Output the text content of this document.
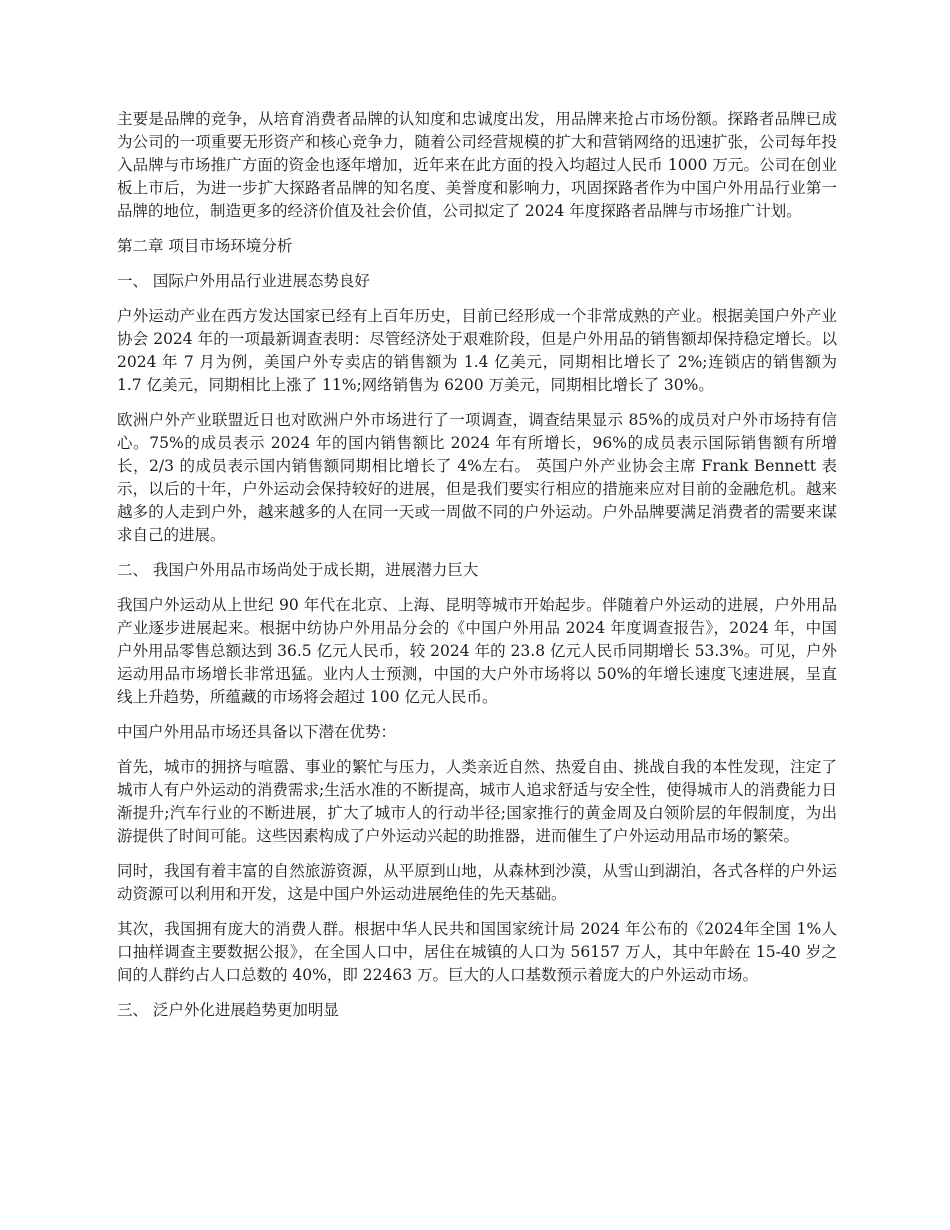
主要是品牌的竞争，从培育消费者品牌的认知度和忠诚度出发，用品牌来抢占市场份额。探路者品牌已成为公司的一项重要无形资产和核心竞争力，随着公司经营规模的扩大和营销网络的迅速扩张，公司每年投入品牌与市场推广方面的资金也逐年增加，近年来在此方面的投入均超过人民币 1000 万元。公司在创业板上市后，为进一步扩大探路者品牌的知名度、美誉度和影响力，巩固探路者作为中国户外用品行业第一品牌的地位，制造更多的经济价值及社会价值，公司拟定了 2024 年度探路者品牌与市场推广计划。

第二章 项目市场环境分析

一、 国际户外用品行业进展态势良好

户外运动产业在西方发达国家已经有上百年历史，目前已经形成一个非常成熟的产业。根据美国户外产业协会 2024 年的一项最新调查表明：尽管经济处于艰难阶段，但是户外用品的销售额却保持稳定增长。以 2024 年 7 月为例，美国户外专卖店的销售额为 1.4 亿美元，同期相比增长了 2%;连锁店的销售额为 1.7 亿美元，同期相比上涨了 11%;网络销售为 6200 万美元，同期相比增长了 30%。

欧洲户外产业联盟近日也对欧洲户外市场进行了一项调查，调查结果显示 85%的成员对户外市场持有信心。75%的成员表示 2024 年的国内销售额比 2024 年有所增长，96%的成员表示国际销售额有所增长，2/3 的成员表示国内销售额同期相比增长了 4%左右。 英国户外产业协会主席 Frank Bennett 表示，以后的十年，户外运动会保持较好的进展，但是我们要实行相应的措施来应对目前的金融危机。越来越多的人走到户外，越来越多的人在同一天或一周做不同的户外运动。户外品牌要满足消费者的需要来谋求自己的进展。

二、 我国户外用品市场尚处于成长期，进展潜力巨大

我国户外运动从上世纪 90 年代在北京、上海、昆明等城市开始起步。伴随着户外运动的进展，户外用品产业逐步进展起来。根据中纺协户外用品分会的《中国户外用品 2024 年度调查报告》，2024 年，中国户外用品零售总额达到 36.5 亿元人民币，较 2024 年的 23.8 亿元人民币同期增长 53.3%。可见，户外运动用品市场增长非常迅猛。业内人士预测，中国的大户外市场将以 50%的年增长速度飞速进展，呈直线上升趋势，所蕴藏的市场将会超过 100 亿元人民币。

中国户外用品市场还具备以下潜在优势：

首先，城市的拥挤与喧嚣、事业的繁忙与压力，人类亲近自然、热爱自由、挑战自我的本性发现，注定了城市人有户外运动的消费需求;生活水准的不断提高，城市人追求舒适与安全性，使得城市人的消费能力日渐提升;汽车行业的不断进展，扩大了城市人的行动半径;国家推行的黄金周及白领阶层的年假制度，为出游提供了时间可能。这些因素构成了户外运动兴起的助推器，进而催生了户外运动用品市场的繁荣。

同时，我国有着丰富的自然旅游资源，从平原到山地，从森林到沙漠，从雪山到湖泊，各式各样的户外运动资源可以利用和开发，这是中国户外运动进展绝佳的先天基础。

其次，我国拥有庞大的消费人群。根据中华人民共和国国家统计局 2024 年公布的《2024年全国 1%人口抽样调查主要数据公报》，在全国人口中，居住在城镇的人口为 56157 万人，其中年龄在 15-40 岁之间的人群约占人口总数的 40%，即 22463 万。巨大的人口基数预示着庞大的户外运动市场。

三、 泛户外化进展趋势更加明显
